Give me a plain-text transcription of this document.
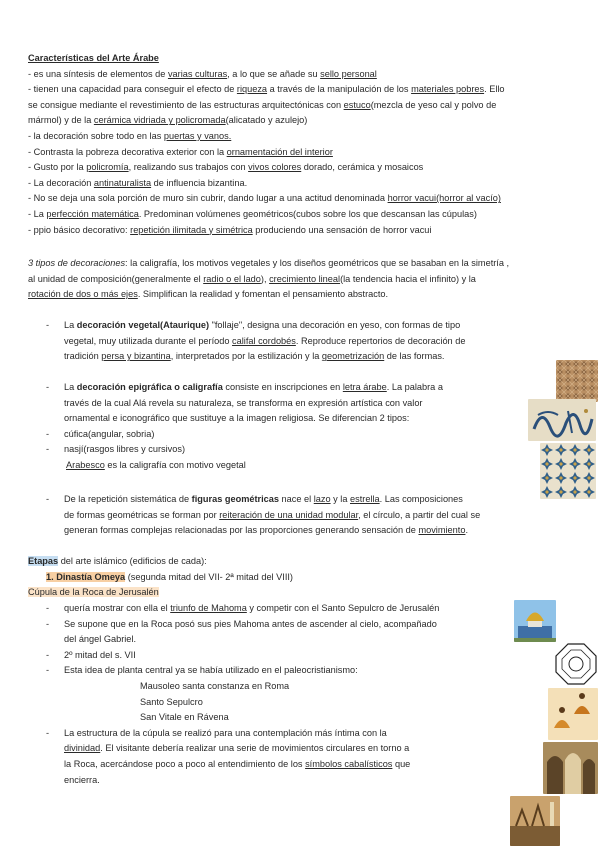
Características del Arte Árabe

- es una síntesis de elementos de varias culturas, a lo que se añade su sello personal

- tienen una capacidad para conseguir el efecto de riqueza a través de la manipulación de los materiales pobres. Ello

se consigue mediante el revestimiento de las estructuras arquitectónicas con estuco(mezcla de yeso cal y polvo de

mármol) y de la cerámica vidriada y policromada(alicatado y azulejo)

- la decoración sobre todo en las puertas y vanos.

- Contrasta la pobreza decorativa exterior con la ornamentación del interior

- Gusto por la policromía, realizando sus trabajos con vivos colores dorado, cerámica y mosaicos

- La decoración antinaturalista de influencia bizantina.

- No se deja una sola porción de muro sin cubrir, dando lugar a una actitud denominada horror vacui(horror al vacío)

- La perfección matemática. Predominan volúmenes geométricos(cubos sobre los que descansan las cúpulas)

- ppio básico decorativo: repetición ilimitada y simétrica produciendo una sensación de horror vacui

3 tipos de decoraciones: la caligrafía, los motivos vegetales y los diseños geométricos que se basaban en la simetría ,

al unidad de composición(generalmente el radio o el lado), crecimiento lineal(la tendencia hacia el infinito) y la

rotación de dos o más ejes. Simplifican la realidad y fomentan el pensamiento abstracto.

- La decoración vegetal(Ataurique) "follaje", designa una decoración en yeso, con formas de tipo

vegetal, muy utilizada durante el período califal cordobés. Reproduce repertorios de decoración de

tradición persa y bizantina, interpretados por la estilización y la geometrización de las formas.

- La decoración epigráfica o caligrafía consiste en inscripciones en letra árabe. La palabra a

través de la cual Alá revela su naturaleza, se transforma en expresión artística con valor

ornamental e iconográfico que sustituye a la imagen religiosa. Se diferencian 2 tipos:

- cúfica(angular, sobria)

- nasjí(rasgos libres y cursivos)

Arabesco es la caligrafía con motivo vegetal

- De la repetición sistemática de figuras geométricas nace el lazo y la estrella. Las composiciones

de formas geométricas se forman por reiteración de una unidad modular, el círculo, a partir del cual se

generan formas complejas relacionadas por las proporciones generando sensación de movimiento.

Etapas del arte islámico (edificios de cada):

1. Dinastía Omeya (segunda mitad del VII- 2ª mitad del VIII)

Cúpula de la Roca de Jerusalén

- quería mostrar con ella el triunfo de Mahoma y competir con el Santo Sepulcro de Jerusalén

- Se supone que en la Roca posó sus pies Mahoma antes de ascender al cielo, acompañado

del ángel Gabriel.

- 2º mitad del s. VII

- Esta idea de planta central ya se había utilizado en el paleocristianismo:

Mausoleo santa constanza en Roma

Santo Sepulcro

San Vitale en Rávena

- La estructura de la cúpula se realizó para una contemplación más íntima con la

divinidad. El visitante debería realizar una serie de movimientos circulares en torno a

la Roca, acercándose poco a poco al entendimiento de los símbolos cabalísticos que

encierra.
